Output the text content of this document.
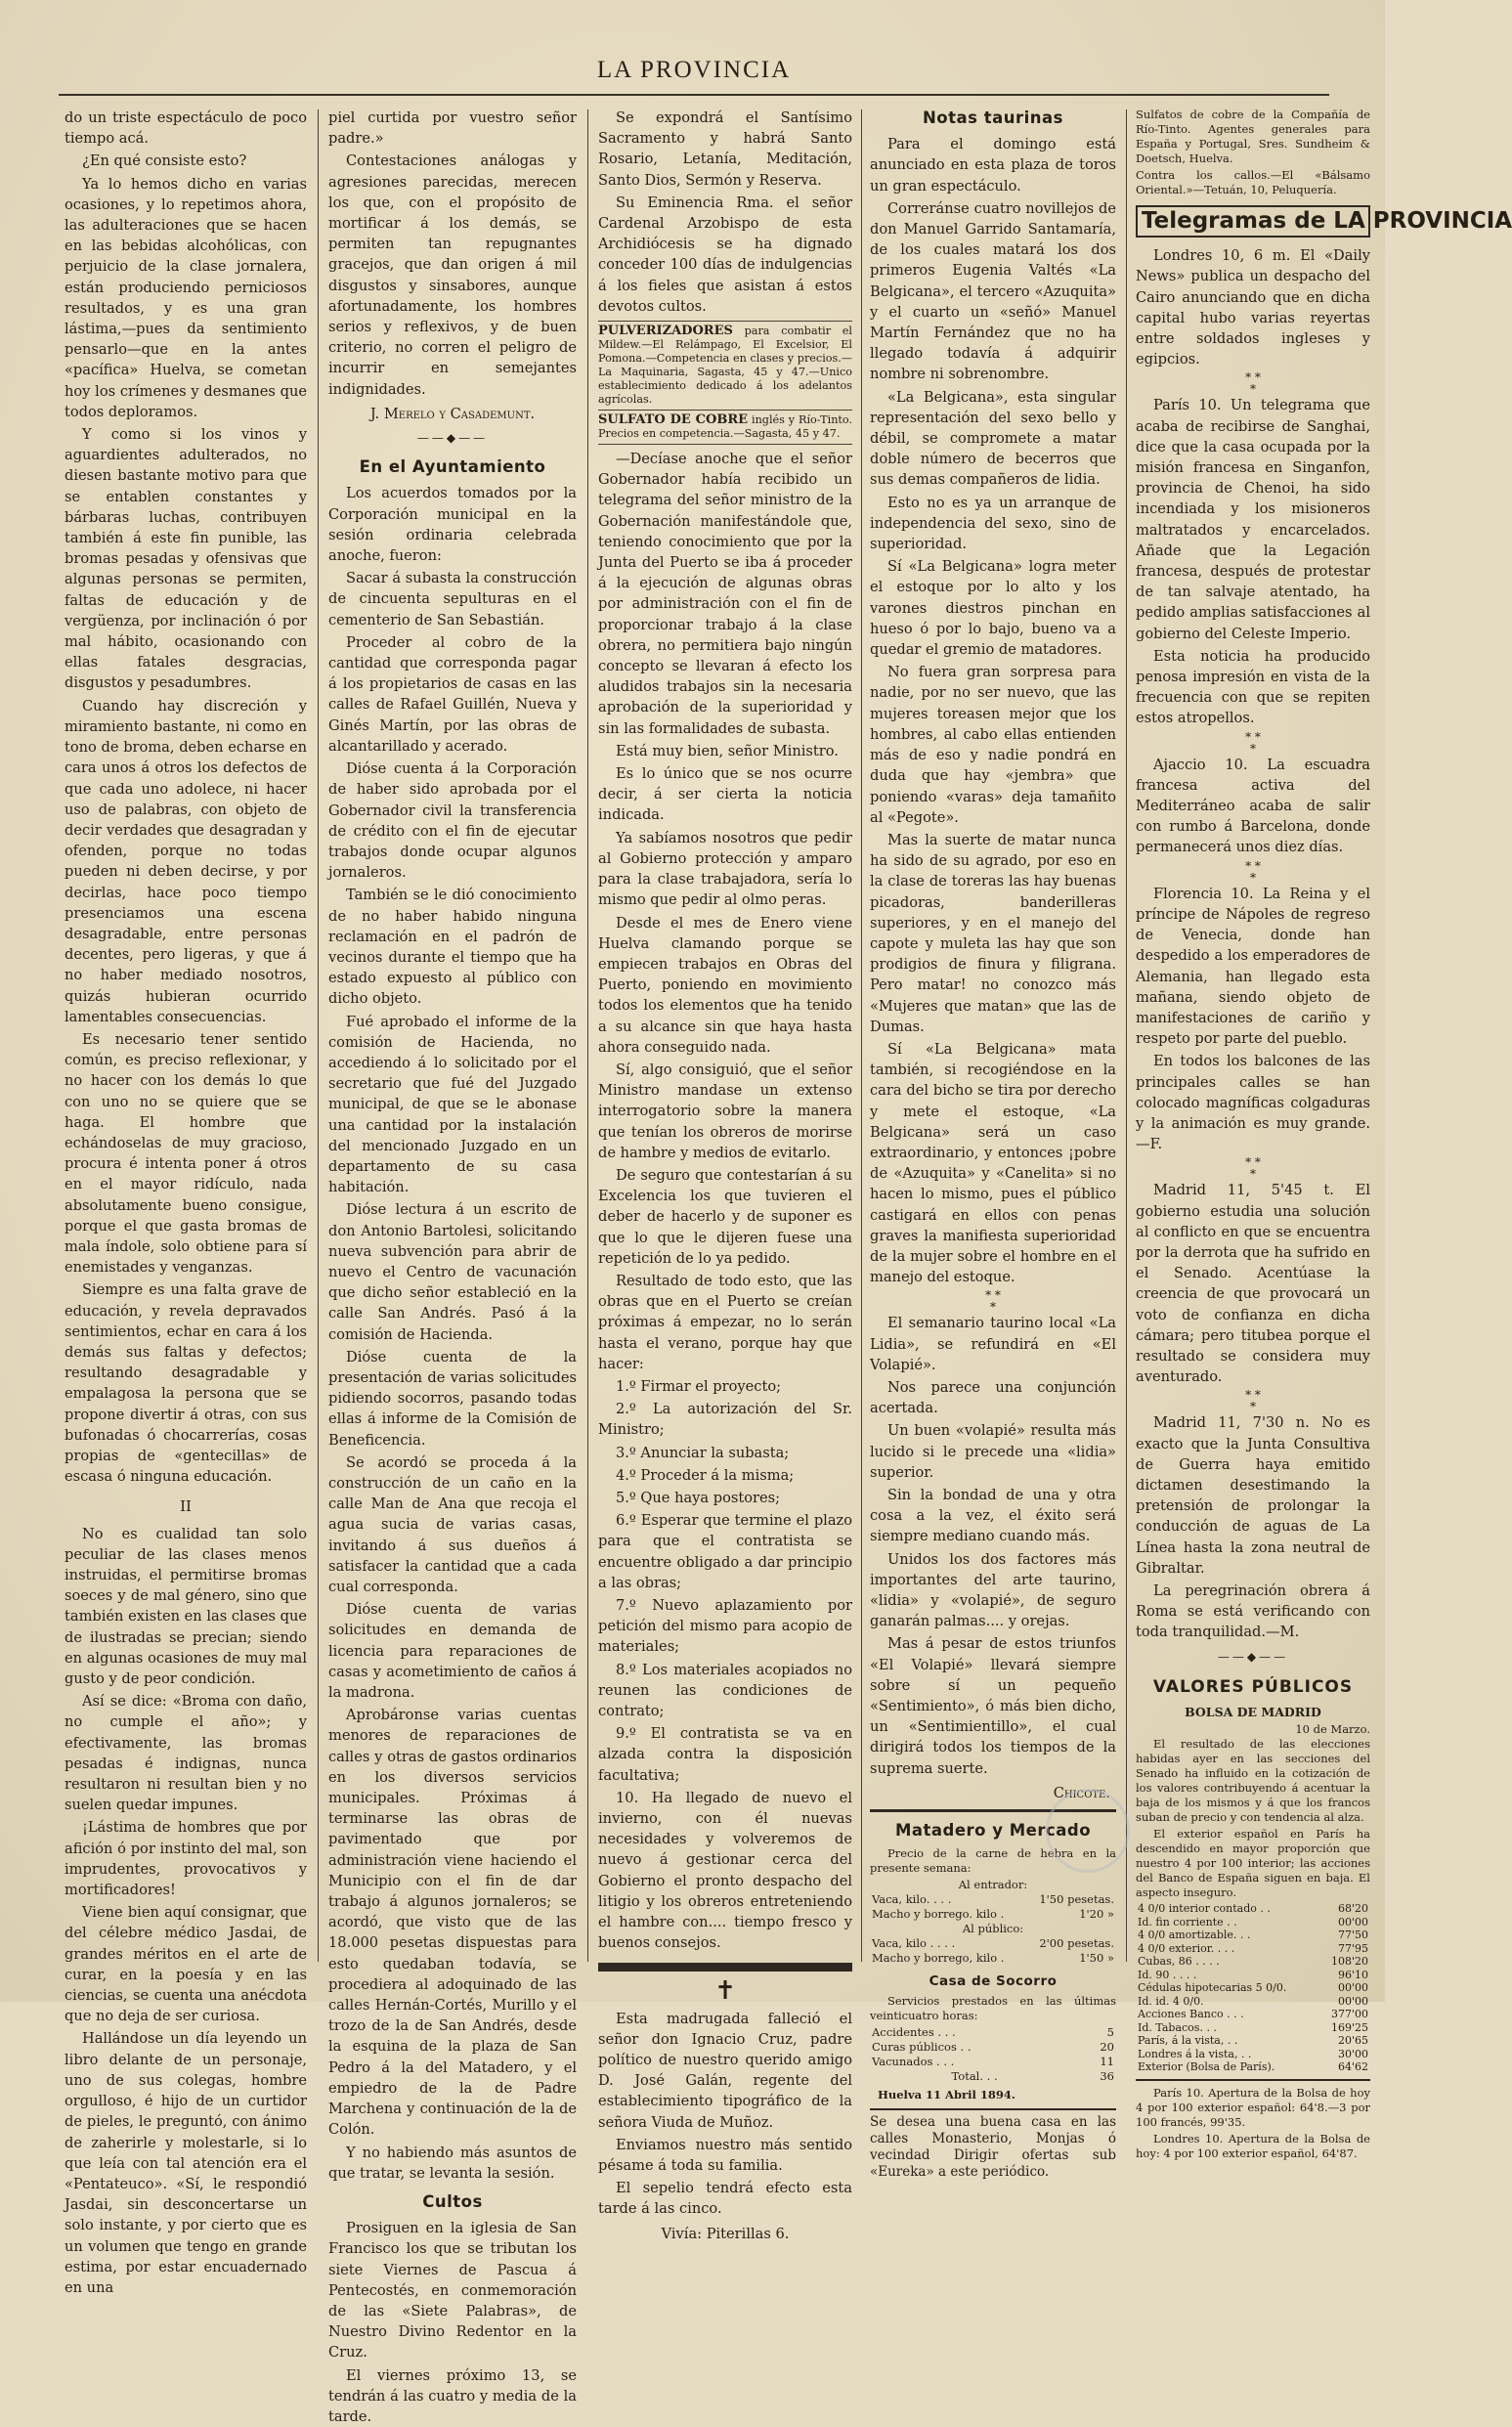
LA PROVINCIA

do un triste espectáculo de poco tiempo acá.

¿En qué consiste esto?

Ya lo hemos dicho en varias ocasiones, y lo repetimos ahora, las adulteraciones que se hacen en las bebidas alcohólicas, con perjuicio de la clase jornalera, están produciendo perniciosos resultados, y es una gran lástima,—pues da sentimiento pensarlo—que en la antes «pacífica» Huelva, se cometan hoy los crímenes y desmanes que todos deploramos.

Y como si los vinos y aguardientes adulterados, no diesen bastante motivo para que se entablen constantes y bárbaras luchas, contribuyen también á este fin punible, las bromas pesadas y ofensivas que algunas personas se permiten, faltas de educación y de vergüenza, por inclinación ó por mal hábito, ocasionando con ellas fatales desgracias, disgustos y pesadumbres.

Cuando hay discreción y miramiento bastante, ni como en tono de broma, deben echarse en cara unos á otros los defectos de que cada uno adolece, ni hacer uso de palabras, con objeto de decir verdades que desagradan y ofenden, porque no todas pueden ni deben decirse, y por decirlas, hace poco tiempo presenciamos una escena desagradable, entre personas decentes, pero ligeras, y que á no haber mediado nosotros, quizás hubieran ocurrido lamentables consecuencias.

Es necesario tener sentido común, es preciso reflexionar, y no hacer con los demás lo que con uno no se quiere que se haga. El hombre que echándoselas de muy gracioso, procura é intenta poner á otros en el mayor ridículo, nada absolutamente bueno consigue, porque el que gasta bromas de mala índole, solo obtiene para sí enemistades y venganzas.

Siempre es una falta grave de educación, y revela depravados sentimientos, echar en cara á los demás sus faltas y defectos; resultando desagradable y empalagosa la persona que se propone divertir á otras, con sus bufonadas ó chocarrerías, cosas propias de «gentecillas» de escasa ó ninguna educación.

II

No es cualidad tan solo peculiar de las clases menos instruidas, el permitirse bromas soeces y de mal género, sino que también existen en las clases que de ilustradas se precian; siendo en algunas ocasiones de muy mal gusto y de peor condición.

Así se dice: «Broma con daño, no cumple el año»; y efectivamente, las bromas pesadas é indignas, nunca resultaron ni resultan bien y no suelen quedar impunes.

¡Lástima de hombres que por afición ó por instinto del mal, son imprudentes, provocativos y mortificadores!

Viene bien aquí consignar, que del célebre médico Jasdai, de grandes méritos en el arte de curar, en la poesía y en las ciencias, se cuenta una anécdota que no deja de ser curiosa.

Hallándose un día leyendo un libro delante de un personaje, uno de sus colegas, hombre orgulloso, é hijo de un curtidor de pieles, le preguntó, con ánimo de zaherirle y molestarle, si lo que leía con tal atención era el «Pentateuco». «Sí, le respondió Jasdai, sin desconcertarse un solo instante, y por cierto que es un volumen que tengo en grande estima, por estar encuadernado en una

piel curtida por vuestro señor padre.»

Contestaciones análogas y agresiones parecidas, merecen los que, con el propósito de mortificar á los demás, se permiten tan repugnantes gracejos, que dan origen á mil disgustos y sinsabores, aunque afortunadamente, los hombres serios y reflexivos, y de buen criterio, no corren el peligro de incurrir en semejantes indignidades.

J. Merelo y Casademunt.
——◆——
En el Ayuntamiento

Los acuerdos tomados por la Corporación municipal en la sesión ordinaria celebrada anoche, fueron:

Sacar á subasta la construcción de cincuenta sepulturas en el cementerio de San Sebastián.

Proceder al cobro de la cantidad que corresponda pagar á los propietarios de casas en las calles de Rafael Guillén, Nueva y Ginés Martín, por las obras de alcantarillado y acerado.

Dióse cuenta á la Corporación de haber sido aprobada por el Gobernador civil la transferencia de crédito con el fin de ejecutar trabajos donde ocupar algunos jornaleros.

También se le dió conocimiento de no haber habido ninguna reclamación en el padrón de vecinos durante el tiempo que ha estado expuesto al público con dicho objeto.

Fué aprobado el informe de la comisión de Hacienda, no accediendo á lo solicitado por el secretario que fué del Juzgado municipal, de que se le abonase una cantidad por la instalación del mencionado Juzgado en un departamento de su casa habitación.

Dióse lectura á un escrito de don Antonio Bartolesi, solicitando nueva subvención para abrir de nuevo el Centro de vacunación que dicho señor estableció en la calle San Andrés. Pasó á la comisión de Hacienda.

Dióse cuenta de la presentación de varias solicitudes pidiendo socorros, pasando todas ellas á informe de la Comisión de Beneficencia.

Se acordó se proceda á la construcción de un caño en la calle Man de Ana que recoja el agua sucia de varias casas, invitando á sus dueños á satisfacer la cantidad que a cada cual corresponda.

Dióse cuenta de varias solicitudes en demanda de licencia para reparaciones de casas y acometimiento de caños á la madrona.

Aprobáronse varias cuentas menores de reparaciones de calles y otras de gastos ordinarios en los diversos servicios municipales. Próximas á terminarse las obras de pavimentado que por administración viene haciendo el Municipio con el fin de dar trabajo á algunos jornaleros; se acordó, que visto que de las 18.000 pesetas dispuestas para esto quedaban todavía, se procediera al adoquinado de las calles Hernán-Cortés, Murillo y el trozo de la de San Andrés, desde la esquina de la plaza de San Pedro á la del Matadero, y el empiedro de la de Padre Marchena y continuación de la de Colón.

Y no habiendo más asuntos de que tratar, se levanta la sesión.

Cultos

Prosiguen en la iglesia de San Francisco los que se tributan los siete Viernes de Pascua á Pentecostés, en conmemoración de las «Siete Palabras», de Nuestro Divino Redentor en la Cruz.

El viernes próximo 13, se tendrán á las cuatro y media de la tarde.

Se expondrá el Santísimo Sacramento y habrá Santo Rosario, Letanía, Meditación, Santo Dios, Sermón y Reserva.

Su Eminencia Rma. el señor Cardenal Arzobispo de esta Archidiócesis se ha dignado conceder 100 días de indulgencias á los fieles que asistan á estos devotos cultos.

PULVERIZADORES para combatir el Mildew.—El Relámpago, El Excelsior, El Pomona.—Competencia en clases y precios.—La Maquinaria, Sagasta, 45 y 47.—Unico establecimiento dedicado á los adelantos agrícolas.
SULFATO DE COBRE inglés y Río-Tinto. Precios en competencia.—Sagasta, 45 y 47.

—Decíase anoche que el señor Gobernador había recibido un telegrama del señor ministro de la Gobernación manifestándole que, teniendo conocimiento que por la Junta del Puerto se iba á proceder á la ejecución de algunas obras por administración con el fin de proporcionar trabajo á la clase obrera, no permitiera bajo ningún concepto se llevaran á efecto los aludidos trabajos sin la necesaria aprobación de la superioridad y sin las formalidades de subasta.

Está muy bien, señor Ministro.

Es lo único que se nos ocurre decir, á ser cierta la noticia indicada.

Ya sabíamos nosotros que pedir al Gobierno protección y amparo para la clase trabajadora, sería lo mismo que pedir al olmo peras.

Desde el mes de Enero viene Huelva clamando porque se empiecen trabajos en Obras del Puerto, poniendo en movimiento todos los elementos que ha tenido a su alcance sin que haya hasta ahora conseguido nada.

Sí, algo consiguió, que el señor Ministro mandase un extenso interrogatorio sobre la manera que tenían los obreros de morirse de hambre y medios de evitarlo.

De seguro que contestarían á su Excelencia los que tuvieren el deber de hacerlo y de suponer es que lo que le dijeren fuese una repetición de lo ya pedido.

Resultado de todo esto, que las obras que en el Puerto se creían próximas á empezar, no lo serán hasta el verano, porque hay que hacer:

1.º Firmar el proyecto;

2.º La autorización del Sr. Ministro;

3.º Anunciar la subasta;

4.º Proceder á la misma;

5.º Que haya postores;

6.º Esperar que termine el plazo para que el contratista se encuentre obligado a dar principio a las obras;

7.º Nuevo aplazamiento por petición del mismo para acopio de materiales;

8.º Los materiales acopiados no reunen las condiciones de contrato;

9.º El contratista se va en alzada contra la disposición facultativa;

10. Ha llegado de nuevo el invierno, con él nuevas necesidades y volveremos de nuevo á gestionar cerca del Gobierno el pronto despacho del litigio y los obreros entreteniendo el hambre con.... tiempo fresco y buenos consejos.

✝

Esta madrugada falleció el señor don Ignacio Cruz, padre político de nuestro querido amigo D. José Galán, regente del establecimiento tipográfico de la señora Viuda de Muñoz.

Enviamos nuestro más sentido pésame á toda su familia.

El sepelio tendrá efecto esta tarde á las cinco.

Vivía: Piterillas 6.
Notas taurinas

Para el domingo está anunciado en esta plaza de toros un gran espectáculo.

Correránse cuatro novillejos de don Manuel Garrido Santamaría, de los cuales matará los dos primeros Eugenia Valtés «La Belgicana», el tercero «Azuquita» y el cuarto un «señó» Manuel Martín Fernández que no ha llegado todavía á adquirir nombre ni sobrenombre.

«La Belgicana», esta singular representación del sexo bello y débil, se compromete a matar doble número de becerros que sus demas compañeros de lidia.

Esto no es ya un arranque de independencia del sexo, sino de superioridad.

Sí «La Belgicana» logra meter el estoque por lo alto y los varones diestros pinchan en hueso ó por lo bajo, bueno va a quedar el gremio de matadores.

No fuera gran sorpresa para nadie, por no ser nuevo, que las mujeres toreasen mejor que los hombres, al cabo ellas entienden más de eso y nadie pondrá en duda que hay «jembra» que poniendo «varas» deja tamañito al «Pegote».

Mas la suerte de matar nunca ha sido de su agrado, por eso en la clase de toreras las hay buenas picadoras, banderilleras superiores, y en el manejo del capote y muleta las hay que son prodigios de finura y filigrana. Pero matar! no conozco más «Mujeres que matan» que las de Dumas.

Sí «La Belgicana» mata también, si recogiéndose en la cara del bicho se tira por derecho y mete el estoque, «La Belgicana» será un caso extraordinario, y entonces ¡pobre de «Azuquita» y «Canelita» si no hacen lo mismo, pues el público castigará en ellos con penas graves la manifiesta superioridad de la mujer sobre el hombre en el manejo del estoque.

* *
*

El semanario taurino local «La Lidia», se refundirá en «El Volapié».

Nos parece una conjunción acertada.

Un buen «volapié» resulta más lucido si le precede una «lidia» superior.

Sin la bondad de una y otra cosa a la vez, el éxito será siempre mediano cuando más.

Unidos los dos factores más importantes del arte taurino, «lidia» y «volapié», de seguro ganarán palmas.... y orejas.

Mas á pesar de estos triunfos «El Volapié» llevará siempre sobre sí un pequeño «Sentimiento», ó más bien dicho, un «Sentimientillo», el cual dirigirá todos los tiempos de la suprema suerte.

Chicote.
Matadero y Mercado

Precio de la carne de hebra en la presente semana:

Al entrador:
Vaca, kilo. . . .	1'50 pesetas.
Macho y borrego. kilo .	1'20 »
Al público:
Vaca, kilo . . . .	2'00 pesetas.
Macho y borrego, kilo .	1'50 »
Casa de Socorro

Servicios prestados en las últimas veinticuatro horas:

Accidentes . . .	5
Curas públicos . .	20
Vacunados . . .	11
Total. . .	36
Huelva 11 Abril 1894.

Se desea una buena casa en las calles Monasterio, Monjas ó vecindad Dirigir ofertas sub «Eureka» a este periódico.

Sulfatos de cobre de la Compañía de Río-Tinto. Agentes generales para España y Portugal, Sres. Sundheim & Doetsch, Huelva.

Contra los callos.—El «Bálsamo Oriental.»—Tetuán, 10, Peluquería.

Telegramas de LA PROVINCIA

Londres 10, 6 m. El «Daily News» publica un despacho del Cairo anunciando que en dicha capital hubo varias reyertas entre soldados ingleses y egipcios.

* *
*

París 10. Un telegrama que acaba de recibirse de Sanghai, dice que la casa ocupada por la misión francesa en Singanfon, provincia de Chenoi, ha sido incendiada y los misioneros maltratados y encarcelados. Añade que la Legación francesa, después de protestar de tan salvaje atentado, ha pedido amplias satisfacciones al gobierno del Celeste Imperio.

Esta noticia ha producido penosa impresión en vista de la frecuencia con que se repiten estos atropellos.

* *
*

Ajaccio 10. La escuadra francesa activa del Mediterráneo acaba de salir con rumbo á Barcelona, donde permanecerá unos diez días.

* *
*

Florencia 10. La Reina y el príncipe de Nápoles de regreso de Venecia, donde han despedido a los emperadores de Alemania, han llegado esta mañana, siendo objeto de manifestaciones de cariño y respeto por parte del pueblo.

En todos los balcones de las principales calles se han colocado magníficas colgaduras y la animación es muy grande.—F.

* *
*

Madrid 11, 5'45 t. El gobierno estudia una solución al conflicto en que se encuentra por la derrota que ha sufrido en el Senado. Acentúase la creencia de que provocará un voto de confianza en dicha cámara; pero titubea porque el resultado se considera muy aventurado.

* *
*

Madrid 11, 7'30 n. No es exacto que la Junta Consultiva de Guerra haya emitido dictamen desestimando la pretensión de prolongar la conducción de aguas de La Línea hasta la zona neutral de Gibraltar.

La peregrinación obrera á Roma se está verificando con toda tranquilidad.—M.

——◆——
VALORES PÚBLICOS
BOLSA DE MADRID
10 de Marzo.

El resultado de las elecciones habidas ayer en las secciones del Senado ha influido en la cotización de los valores contribuyendo á acentuar la baja de los mismos y á que los francos suban de precio y con tendencia al alza.

El exterior español en París ha descendido en mayor proporción que nuestro 4 por 100 interior; las acciones del Banco de España siguen en baja. El aspecto inseguro.

4 0/0 interior contado . .	68'20
Id. fin corriente . .	00'00
4 0/0 amortizable. . .	77'50
4 0/0 exterior. . . .	77'95
Cubas, 86 . . . .	108'20
Id. 90 . . . .	96'10
Cédulas hipotecarias 5 0/0.	00'00
Id. id. 4 0/0.	00'00
Acciones Banco . . .	377'00
Id. Tabacos. . .	169'25
París, á la vista, . .	20'65
Londres á la vista, . .	30'00
Exterior (Bolsa de París).	64'62

París 10. Apertura de la Bolsa de hoy 4 por 100 exterior español: 64'8.—3 por 100 francés, 99'35.

Londres 10. Apertura de la Bolsa de hoy: 4 por 100 exterior español, 64'87.
